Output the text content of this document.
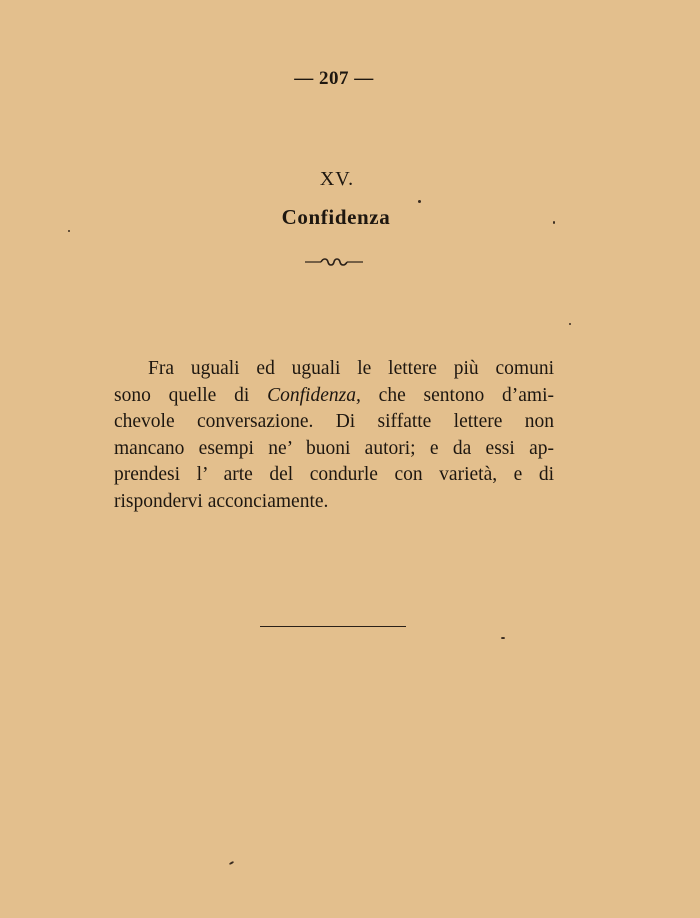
— 207 —
XV.
Confidenza
Fra uguali ed uguali le lettere più comuni
sono quelle di Confidenza, che sentono d’ami-
chevole conversazione. Di siffatte lettere non
mancano esempi ne’ buoni autori; e da essi ap-
prendesi l’ arte del condurle con varietà, e di
rispondervi acconciamente.
